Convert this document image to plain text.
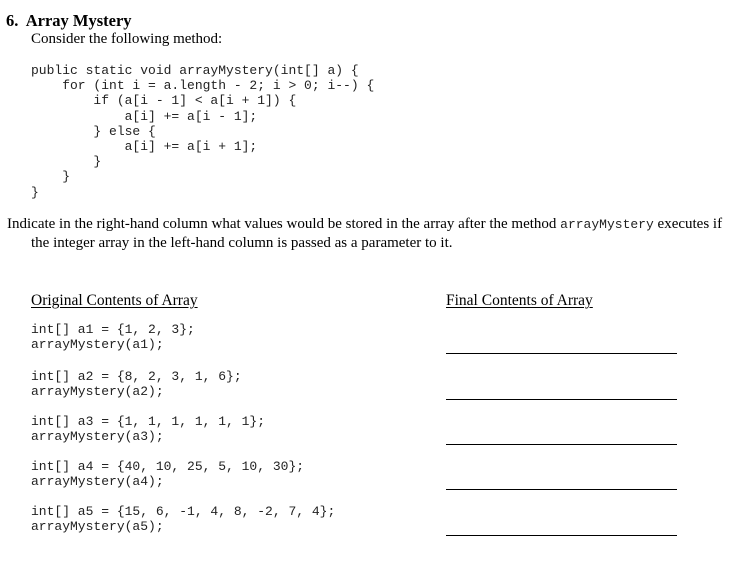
6.  Array Mystery
Consider the following method:
public static void arrayMystery(int[] a) {
for (int i = a.length - 2; i > 0; i--) {
if (a[i - 1] < a[i + 1]) {
a[i] += a[i - 1];
} else {
a[i] += a[i + 1];
}
}
}
Indicate in the right-hand column what values would be stored in the array after the method arrayMystery executes if
the integer array in the left-hand column is passed as a parameter to it.
Original Contents of Array	Final Contents of Array
int[] a1 = {1, 2, 3};
arrayMystery(a1);
int[] a2 = {8, 2, 3, 1, 6};
arrayMystery(a2);
int[] a3 = {1, 1, 1, 1, 1, 1};
arrayMystery(a3);
int[] a4 = {40, 10, 25, 5, 10, 30};
arrayMystery(a4);
int[] a5 = {15, 6, -1, 4, 8, -2, 7, 4};
arrayMystery(a5);
